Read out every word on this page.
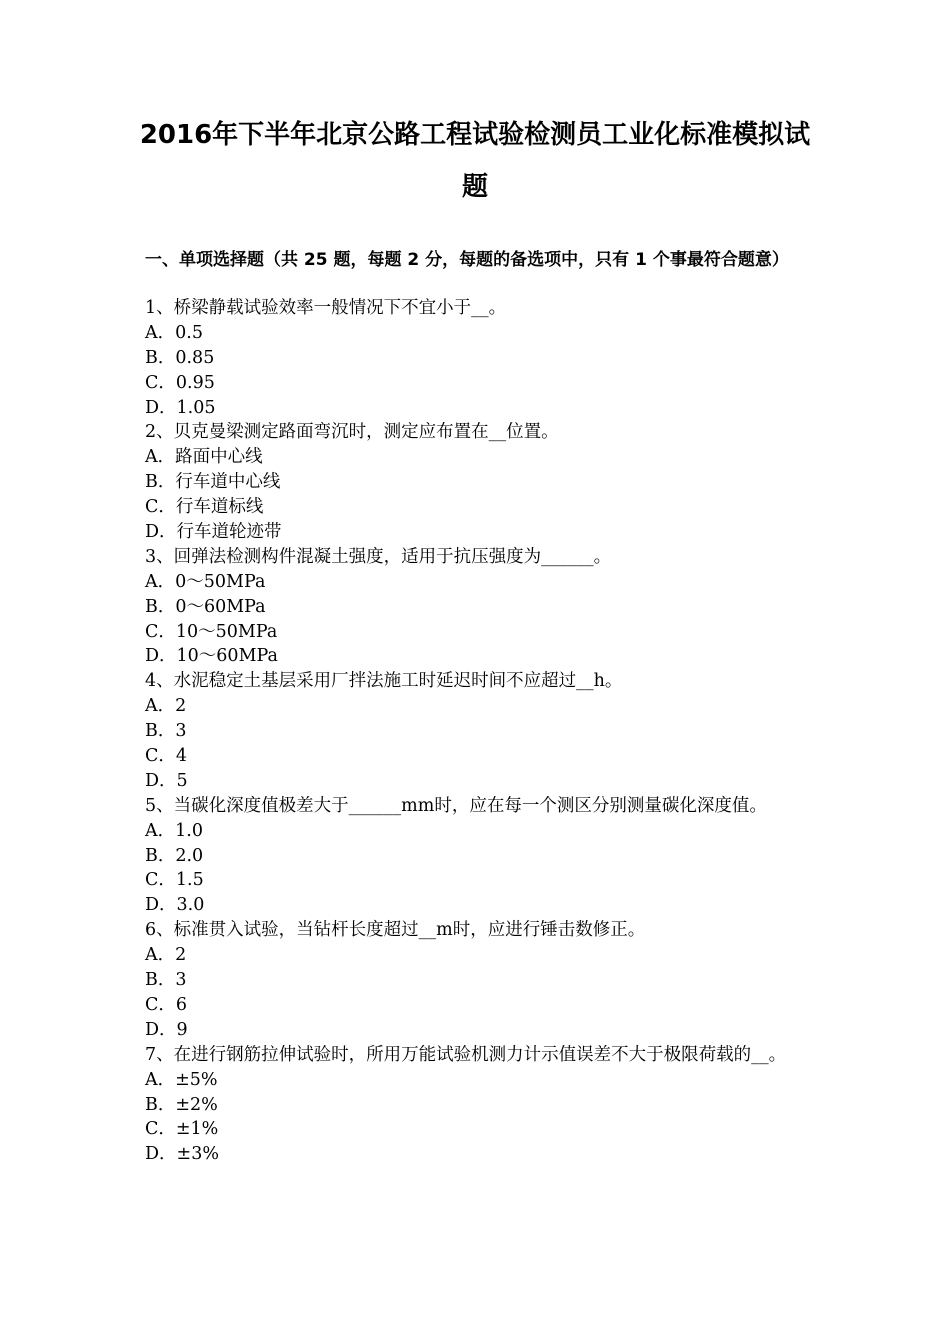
2016年下半年北京公路工程试验检测员工业化标准模拟试
题
一、单项选择题（共 25 题，每题 2 分，每题的备选项中，只有 1 个事最符合题意）
1、桥梁静载试验效率一般情况下不宜小于__。
A．0.5
B．0.85
C．0.95
D．1.05
2、贝克曼梁测定路面弯沉时，测定应布置在__位置。
A．路面中心线
B．行车道中心线
C．行车道标线
D．行车道轮迹带
3、回弹法检测构件混凝土强度，适用于抗压强度为______。
A．0～50MPa
B．0～60MPa
C．10～50MPa
D．10～60MPa
4、水泥稳定土基层采用厂拌法施工时延迟时间不应超过__h。
A．2
B．3
C．4
D．5
5、当碳化深度值极差大于______mm时，应在每一个测区分别测量碳化深度值。
A．1.0
B．2.0
C．1.5
D．3.0
6、标准贯入试验，当钻杆长度超过__m时，应进行锤击数修正。
A．2
B．3
C．6
D．9
7、在进行钢筋拉伸试验时，所用万能试验机测力计示值误差不大于极限荷载的__。
A．±5%
B．±2%
C．±1%
D．±3%
